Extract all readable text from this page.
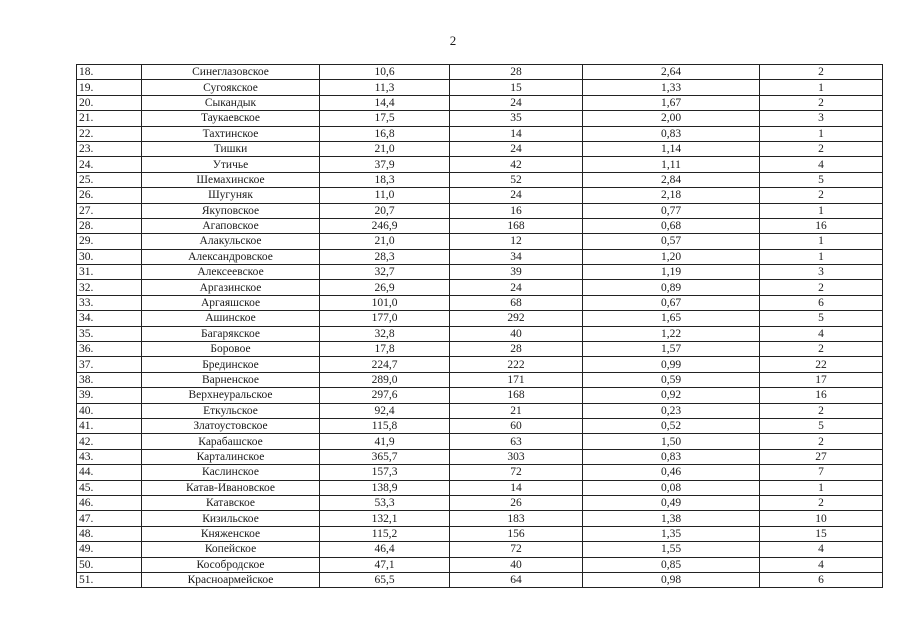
2
18.	Синеглазовское	10,6	28	2,64	2
19.	Сугоякское	11,3	15	1,33	1
20.	Сыкандык	14,4	24	1,67	2
21.	Таукаевское	17,5	35	2,00	3
22.	Тахтинское	16,8	14	0,83	1
23.	Тишки	21,0	24	1,14	2
24.	Утичье	37,9	42	1,11	4
25.	Шемахинское	18,3	52	2,84	5
26.	Шугуняк	11,0	24	2,18	2
27.	Якуповское	20,7	16	0,77	1
28.	Агаповское	246,9	168	0,68	16
29.	Алакульское	21,0	12	0,57	1
30.	Александровское	28,3	34	1,20	1
31.	Алексеевское	32,7	39	1,19	3
32.	Аргазинское	26,9	24	0,89	2
33.	Аргаяшское	101,0	68	0,67	6
34.	Ашинское	177,0	292	1,65	5
35.	Багарякское	32,8	40	1,22	4
36.	Боровое	17,8	28	1,57	2
37.	Брединское	224,7	222	0,99	22
38.	Варненское	289,0	171	0,59	17
39.	Верхнеуральское	297,6	168	0,92	16
40.	Еткульское	92,4	21	0,23	2
41.	Златоустовское	115,8	60	0,52	5
42.	Карабашское	41,9	63	1,50	2
43.	Карталинское	365,7	303	0,83	27
44.	Каслинское	157,3	72	0,46	7
45.	Катав-Ивановское	138,9	14	0,08	1
46.	Катавское	53,3	26	0,49	2
47.	Кизильское	132,1	183	1,38	10
48.	Княженское	115,2	156	1,35	15
49.	Копейское	46,4	72	1,55	4
50.	Кособродское	47,1	40	0,85	4
51.	Красноармейское	65,5	64	0,98	6
